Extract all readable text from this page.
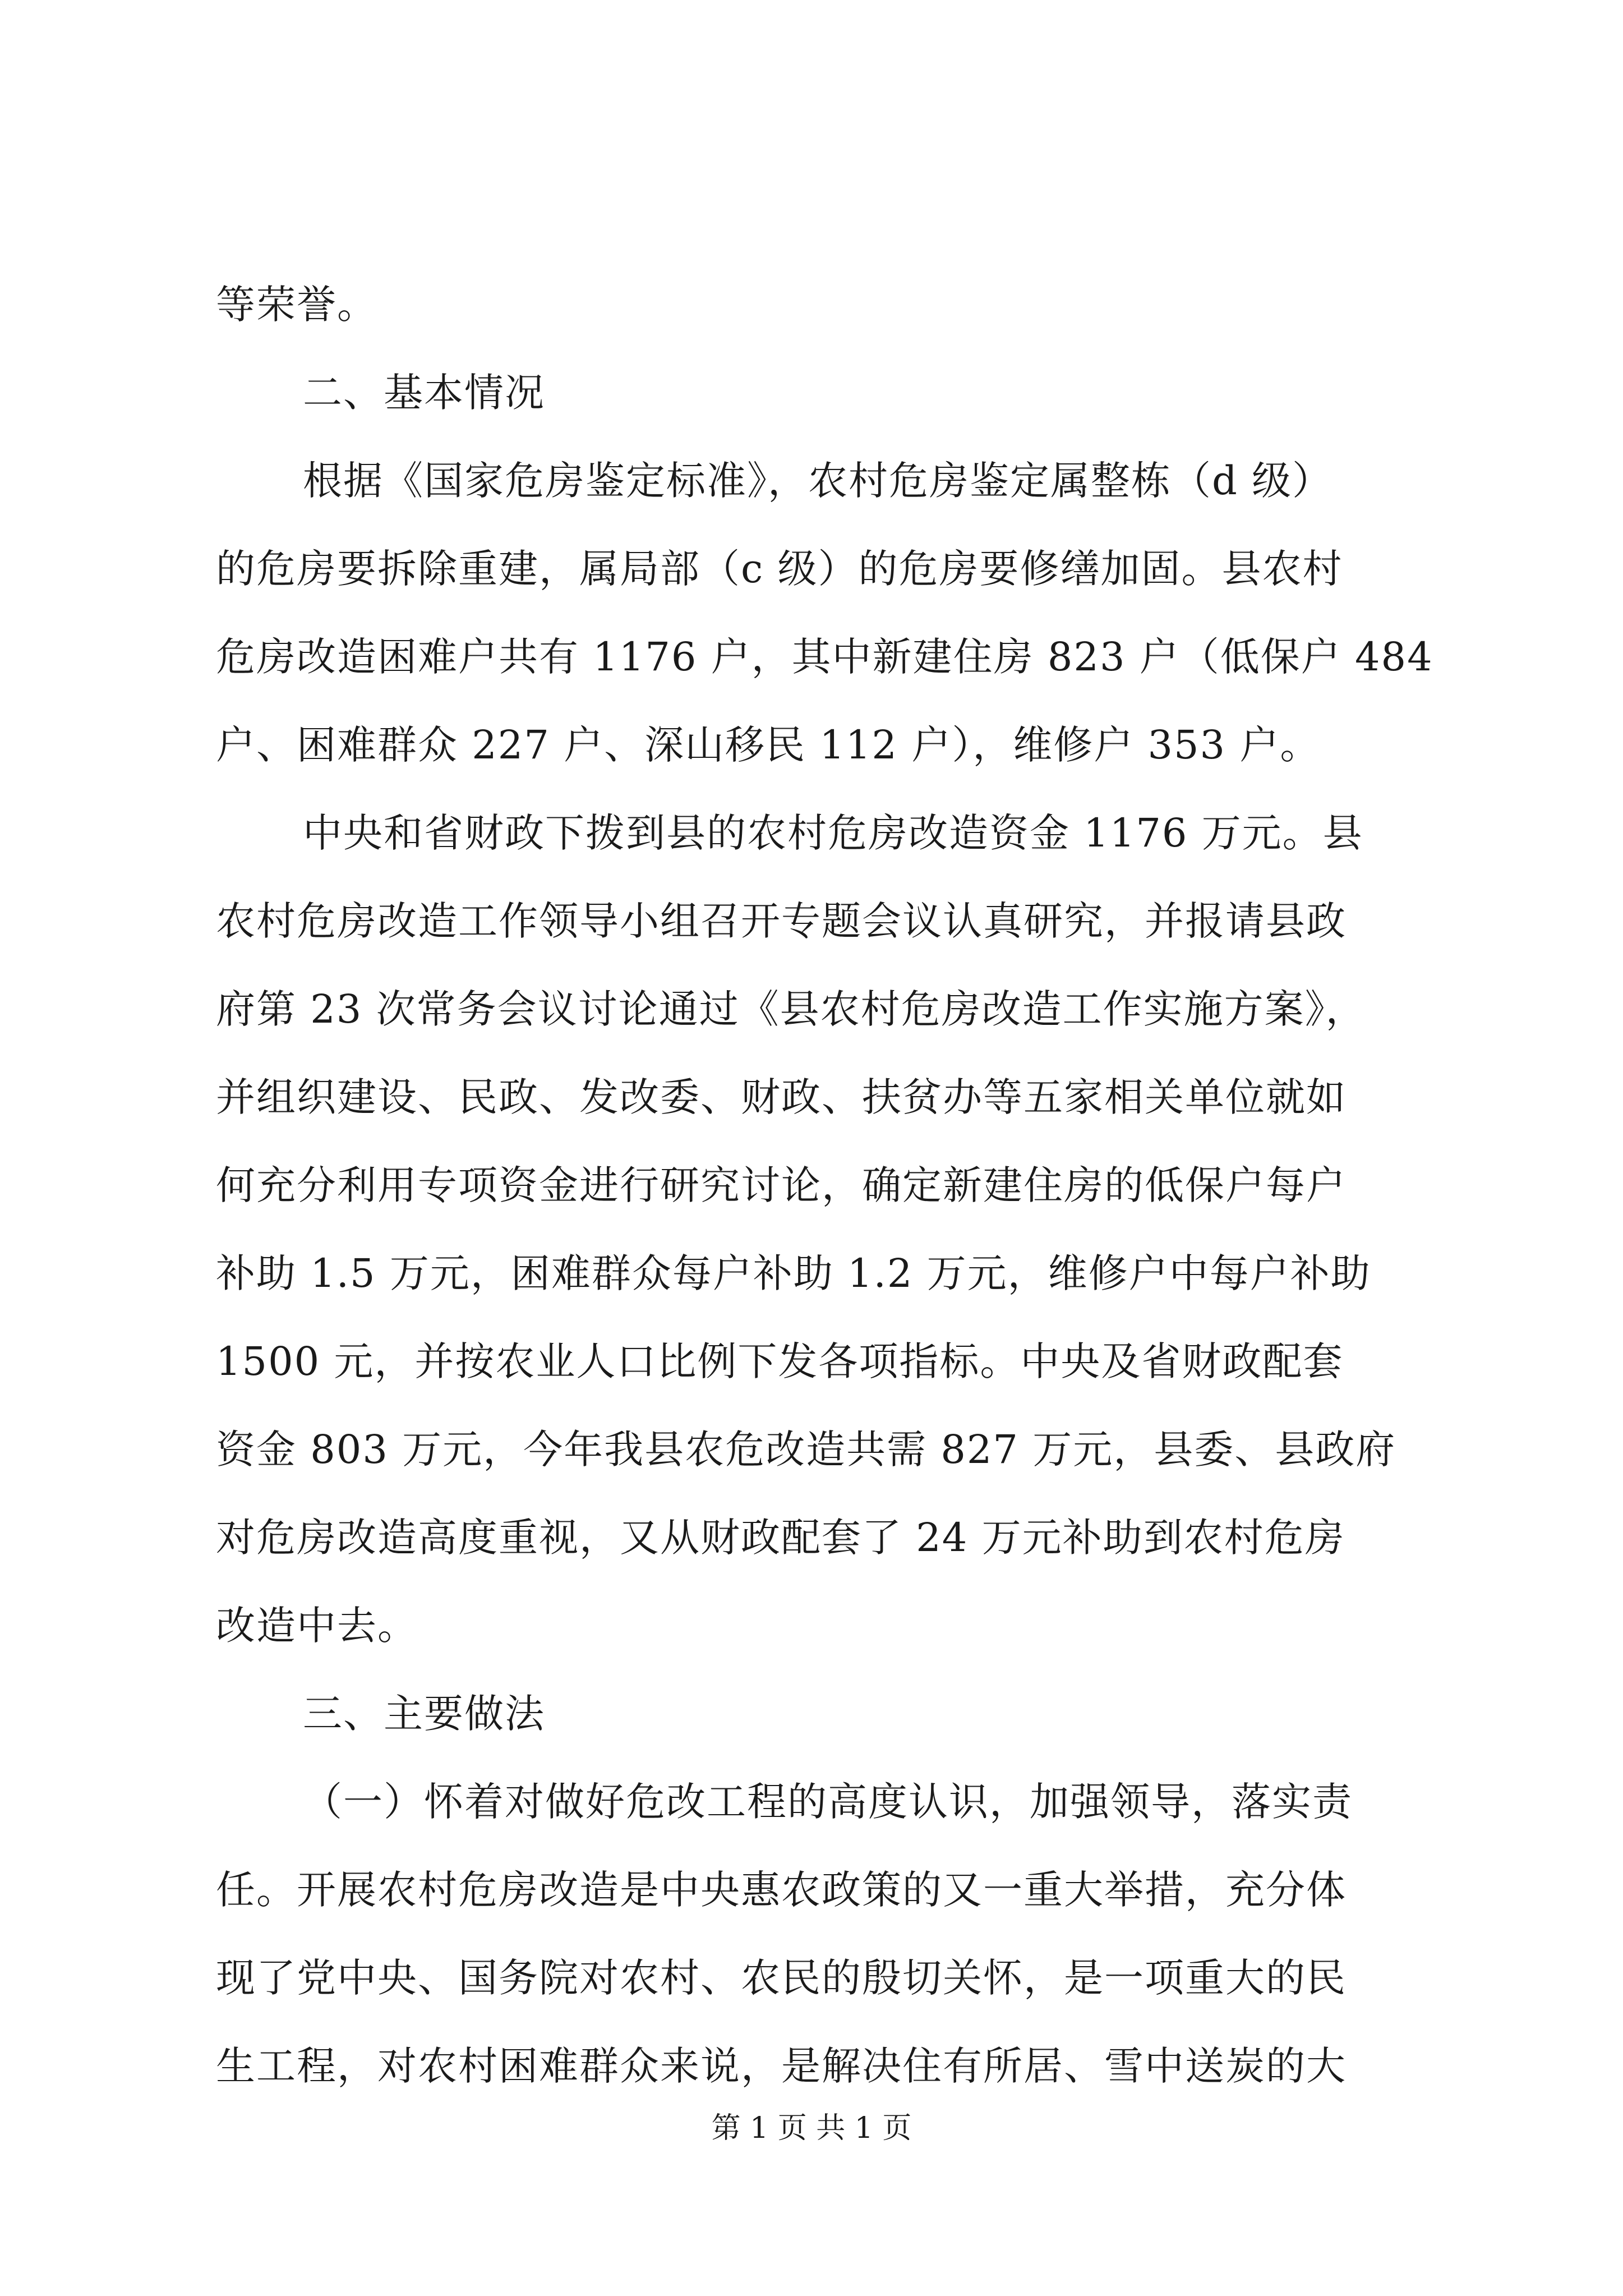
等荣誉。
二、基本情况
根据《国家危房鉴定标准》，农村危房鉴定属整栋（d 级）
的危房要拆除重建，属局部（c 级）的危房要修缮加固。县农村
危房改造困难户共有 1176 户，其中新建住房 823 户（低保户 484
户、困难群众 227 户、深山移民 112 户），维修户 353 户。
中央和省财政下拨到县的农村危房改造资金 1176 万元。县
农村危房改造工作领导小组召开专题会议认真研究，并报请县政
府第 23 次常务会议讨论通过《县农村危房改造工作实施方案》，
并组织建设、民政、发改委、财政、扶贫办等五家相关单位就如
何充分利用专项资金进行研究讨论，确定新建住房的低保户每户
补助 1.5 万元，困难群众每户补助 1.2 万元，维修户中每户补助
1500 元，并按农业人口比例下发各项指标。中央及省财政配套
资金 803 万元，今年我县农危改造共需 827 万元，县委、县政府
对危房改造高度重视，又从财政配套了 24 万元补助到农村危房
改造中去。
三、主要做法
（一）怀着对做好危改工程的高度认识，加强领导，落实责
任。开展农村危房改造是中央惠农政策的又一重大举措，充分体
现了党中央、国务院对农村、农民的殷切关怀，是一项重大的民
生工程，对农村困难群众来说，是解决住有所居、雪中送炭的大
第 1 页 共 1 页
